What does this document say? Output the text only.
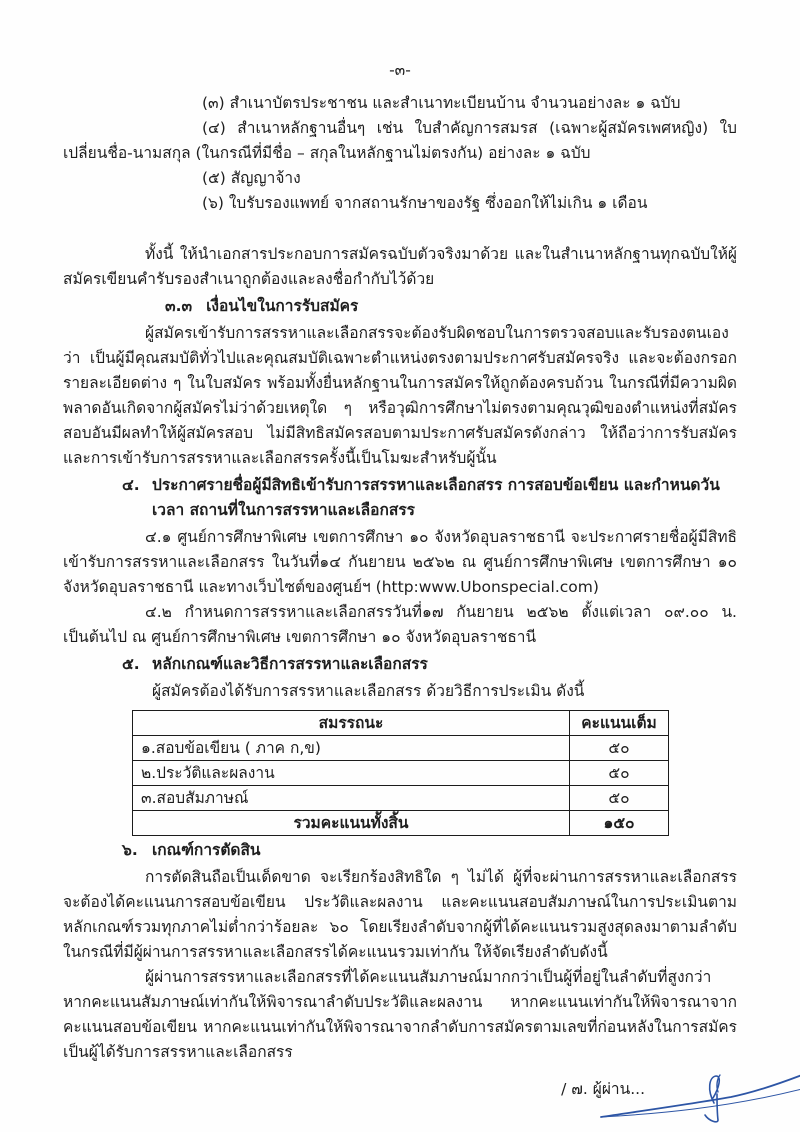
-๓-

(๓) สำเนาบัตรประชาชน และสำเนาทะเบียนบ้าน จำนวนอย่างละ ๑ ฉบับ

(๔) สำเนาหลักฐานอื่นๆ เช่น ใบสำคัญการสมรส (เฉพาะผู้สมัครเพศหญิง) ใบเปลี่ยนชื่อ-นามสกุล (ในกรณีที่มีชื่อ – สกุลในหลักฐานไม่ตรงกัน) อย่างละ ๑ ฉบับ

(๕) สัญญาจ้าง

(๖) ใบรับรองแพทย์ จากสถานรักษาของรัฐ ซึ่งออกให้ไม่เกิน ๑ เดือน

ทั้งนี้ ให้นำเอกสารประกอบการสมัครฉบับตัวจริงมาด้วย และในสำเนาหลักฐานทุกฉบับให้ผู้สมัครเขียนคำรับรองสำเนาถูกต้องและลงชื่อกำกับไว้ด้วย

๓.๓ เงื่อนไขในการรับสมัคร

ผู้สมัครเข้ารับการสรรหาและเลือกสรรจะต้องรับผิดชอบในการตรวจสอบและรับรองตนเองว่า เป็นผู้มีคุณสมบัติทั่วไปและคุณสมบัติเฉพาะตำแหน่งตรงตามประกาศรับสมัครจริง และจะต้องกรอกรายละเอียดต่าง ๆ ในใบสมัคร พร้อมทั้งยื่นหลักฐานในการสมัครให้ถูกต้องครบถ้วน ในกรณีที่มีความผิดพลาดอันเกิดจากผู้สมัครไม่ว่าด้วยเหตุใด ๆ หรือวุฒิการศึกษาไม่ตรงตามคุณวุฒิของตำแหน่งที่สมัครสอบอันมีผลทำให้ผู้สมัครสอบ ไม่มีสิทธิสมัครสอบตามประกาศรับสมัครดังกล่าว ให้ถือว่าการรับสมัครและการเข้ารับการสรรหาและเลือกสรรครั้งนี้เป็นโมฆะสำหรับผู้นั้น

๔. ประกาศรายชื่อผู้มีสิทธิเข้ารับการสรรหาและเลือกสรร การสอบข้อเขียน และกำหนดวัน
เวลา สถานที่ในการสรรหาและเลือกสรร

๔.๑ ศูนย์การศึกษาพิเศษ เขตการศึกษา ๑๐ จังหวัดอุบลราชธานี จะประกาศรายชื่อผู้มีสิทธิเข้ารับการสรรหาและเลือกสรร ในวันที่๑๔ กันยายน ๒๕๖๒ ณ ศูนย์การศึกษาพิเศษ เขตการศึกษา ๑๐ จังหวัดอุบลราชธานี และทางเว็บไซต์ของศูนย์ฯ (http:www.Ubonspecial.com)

๔.๒ กำหนดการสรรหาและเลือกสรรวันที่๑๗ กันยายน ๒๕๖๒ ตั้งแต่เวลา ๐๙.๐๐ น. เป็นต้นไป ณ ศูนย์การศึกษาพิเศษ เขตการศึกษา ๑๐ จังหวัดอุบลราชธานี

๕. หลักเกณฑ์และวิธีการสรรหาและเลือกสรร
ผู้สมัครต้องได้รับการสรรหาและเลือกสรร ด้วยวิธีการประเมิน ดังนี้
สมรรถนะ	คะแนนเต็ม
๑.สอบข้อเขียน ( ภาค ก,ข)	๕๐
๒.ประวัติและผลงาน	๕๐
๓.สอบสัมภาษณ์	๕๐
รวมคะแนนทั้งสิ้น	๑๕๐
๖. เกณฑ์การตัดสิน

การตัดสินถือเป็นเด็ดขาด จะเรียกร้องสิทธิใด ๆ ไม่ได้ ผู้ที่จะผ่านการสรรหาและเลือกสรร จะต้องได้คะแนนการสอบข้อเขียน ประวัติและผลงาน และคะแนนสอบสัมภาษณ์ในการประเมินตามหลักเกณฑ์รวมทุกภาคไม่ต่ำกว่าร้อยละ ๖๐ โดยเรียงลำดับจากผู้ที่ได้คะแนนรวมสูงสุดลงมาตามลำดับ ในกรณีที่มีผู้ผ่านการสรรหาและเลือกสรรได้คะแนนรวมเท่ากัน ให้จัดเรียงลำดับดังนี้

ผู้ผ่านการสรรหาและเลือกสรรที่ได้คะแนนสัมภาษณ์มากกว่าเป็นผู้ที่อยู่ในลำดับที่สูงกว่า หากคะแนนสัมภาษณ์เท่ากันให้พิจารณาลำดับประวัติและผลงาน หากคะแนนเท่ากันให้พิจารณาจากคะแนนสอบข้อเขียน หากคะแนนเท่ากันให้พิจารณาจากลำดับการสมัครตามเลขที่ก่อนหลังในการสมัครเป็นผู้ได้รับการสรรหาและเลือกสรร

/ ๗. ผู้ผ่าน...
